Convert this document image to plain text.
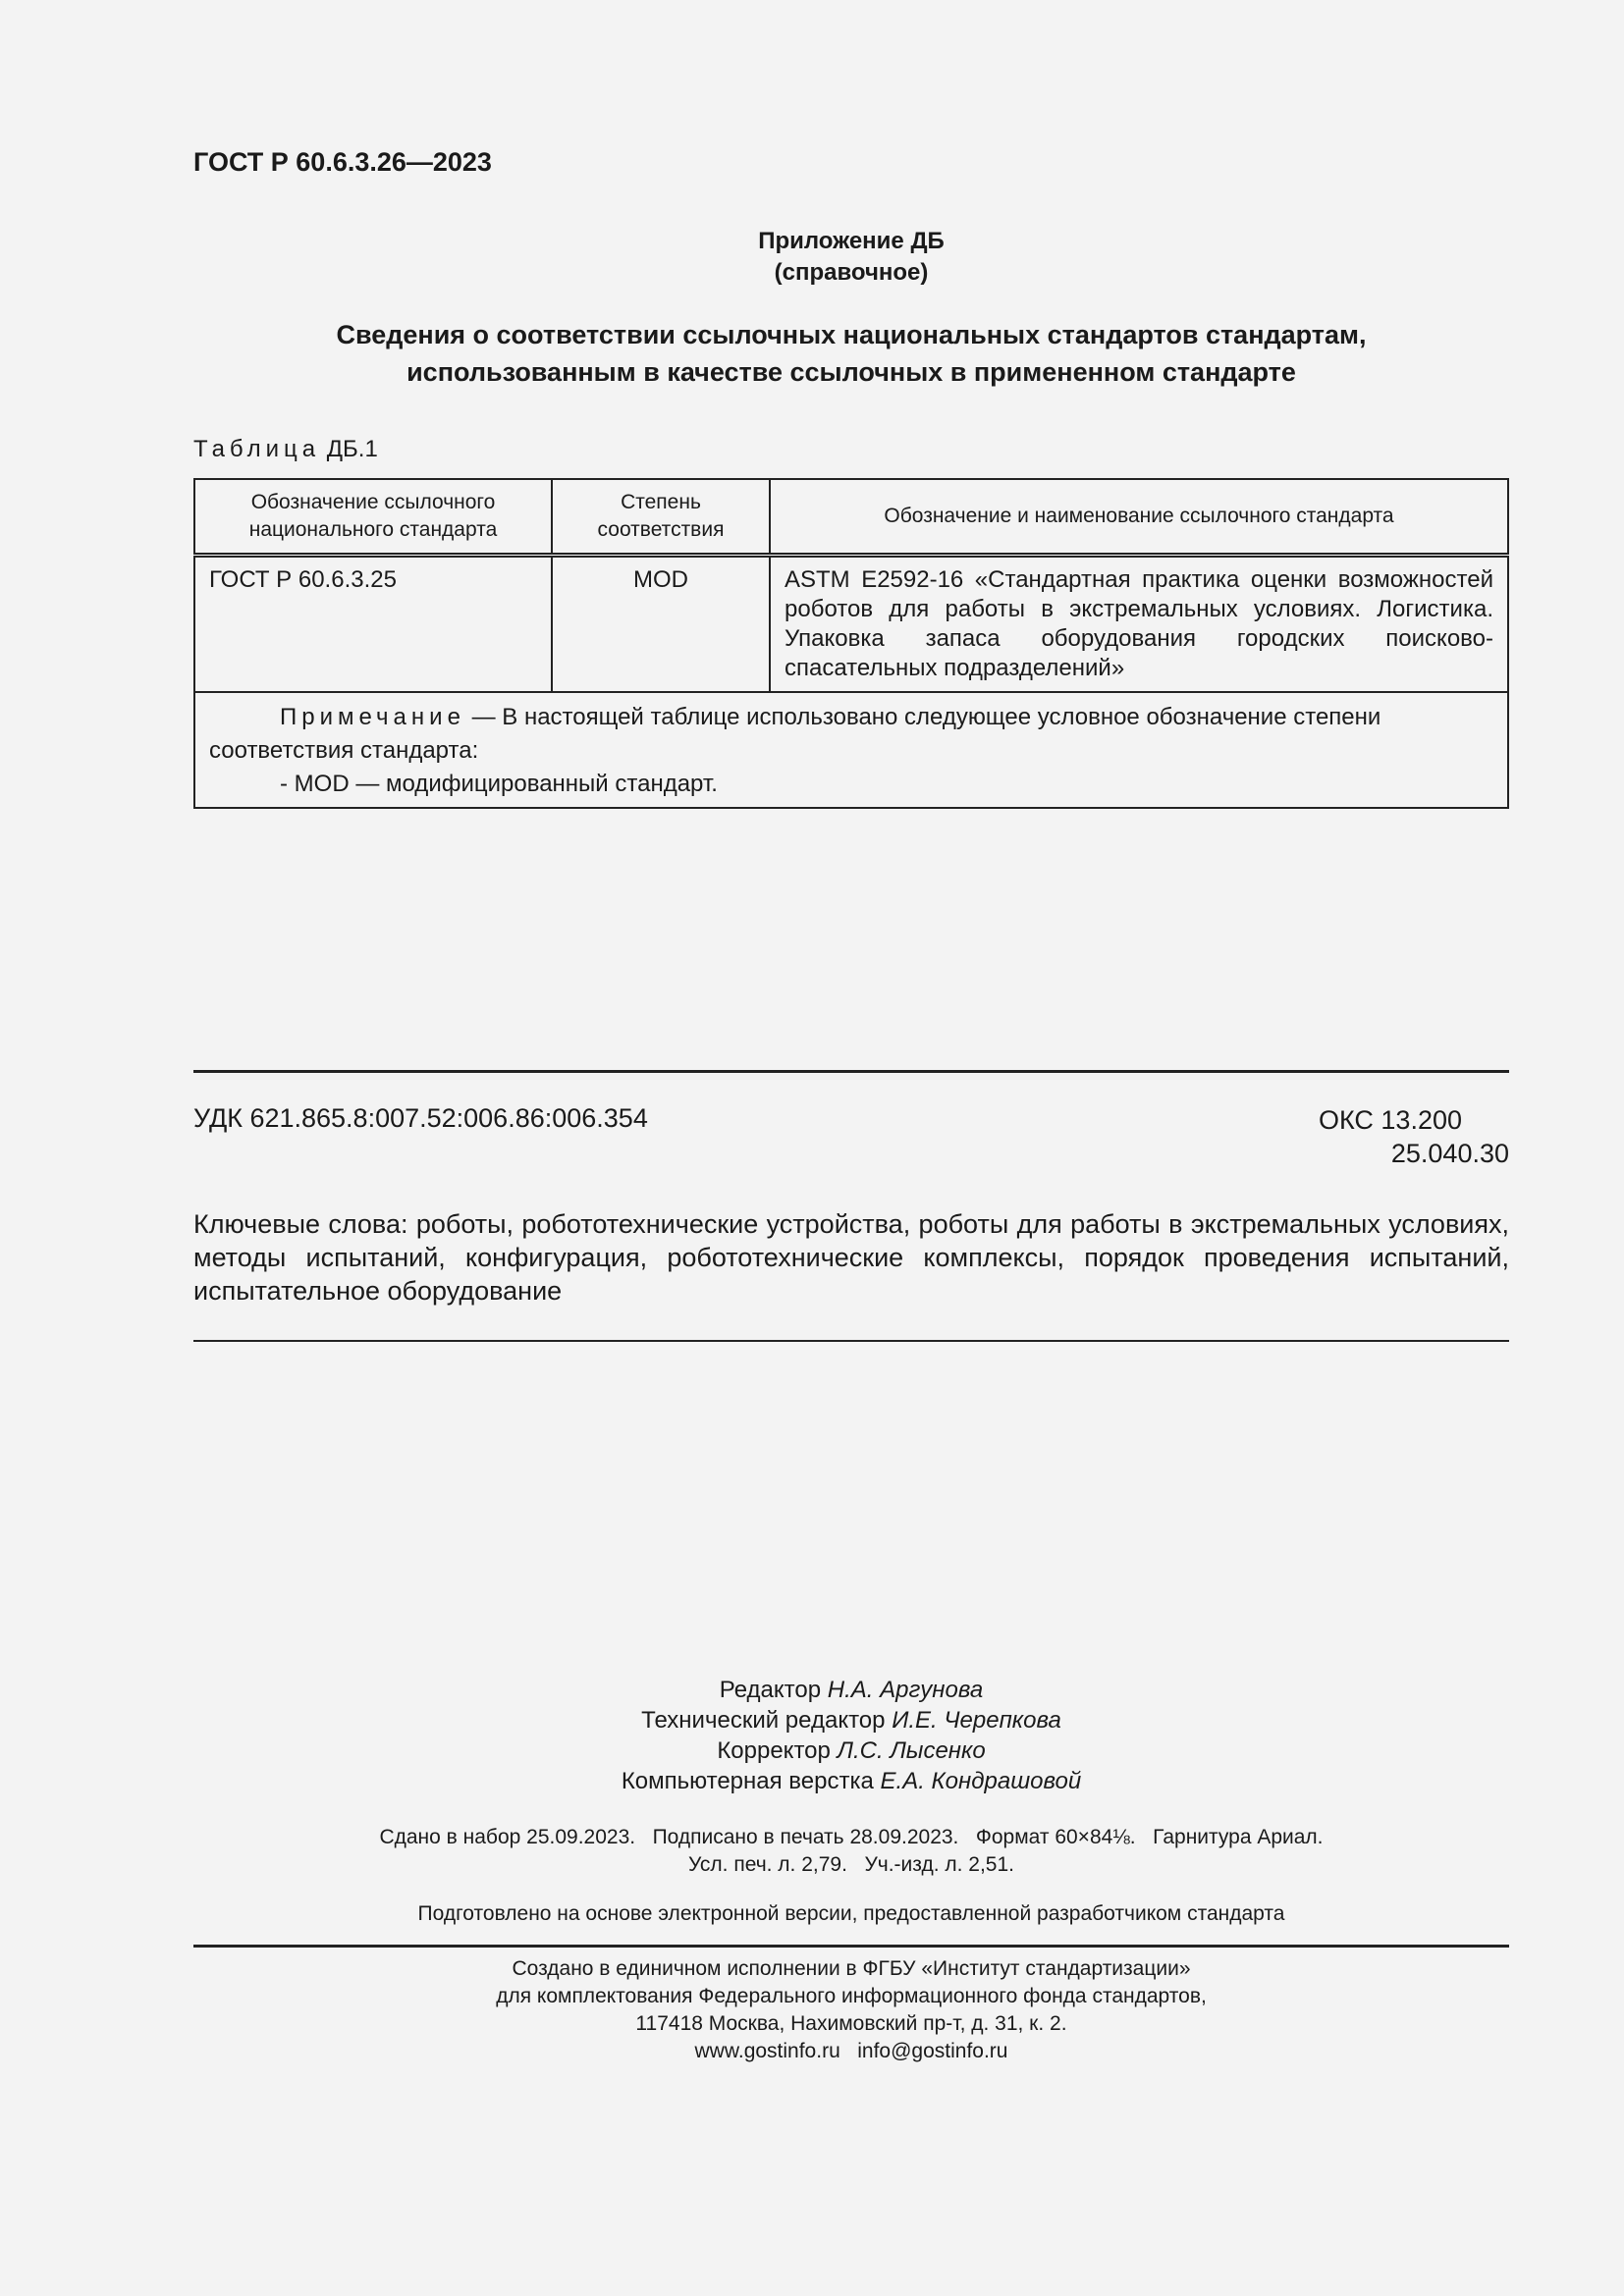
ГОСТ Р 60.6.3.26—2023
Приложение ДБ
(справочное)
Сведения о соответствии ссылочных национальных стандартов стандартам,
использованным в качестве ссылочных в примененном стандарте
Таблица ДБ.1
Обозначение ссылочного национального стандарта	Степень соответствия	Обозначение и наименование ссылочного стандарта
ГОСТ Р 60.6.3.25	MOD	ASTM E2592-16 «Стандартная практика оценки возможностей роботов для работы в экстремальных условиях. Логистика. Упаковка запаса оборудования городских поисково-спасательных подразделений»
Примечание — В настоящей таблице использовано следующее условное обозначение степени соответствия стандарта:
- MOD — модифицированный стандарт.		
УДК 621.865.8:007.52:006.86:006.354	ОКС 13.200
25.040.30
Ключевые слова: роботы, робототехнические устройства, роботы для работы в экстремальных условиях, методы испытаний, конфигурация, робототехнические комплексы, порядок проведения испытаний, испытательное оборудование
Редактор Н.А. Аргунова
Технический редактор И.Е. Черепкова
Корректор Л.С. Лысенко
Компьютерная верстка Е.А. Кондрашовой
Сдано в набор 25.09.2023.   Подписано в печать 28.09.2023.   Формат 60×84⅛.   Гарнитура Ариал.
Усл. печ. л. 2,79.   Уч.-изд. л. 2,51.
Подготовлено на основе электронной версии, предоставленной разработчиком стандарта
Создано в единичном исполнении в ФГБУ «Институт стандартизации»
для комплектования Федерального информационного фонда стандартов,
117418 Москва, Нахимовский пр-т, д. 31, к. 2.
www.gostinfo.ru   info@gostinfo.ru
